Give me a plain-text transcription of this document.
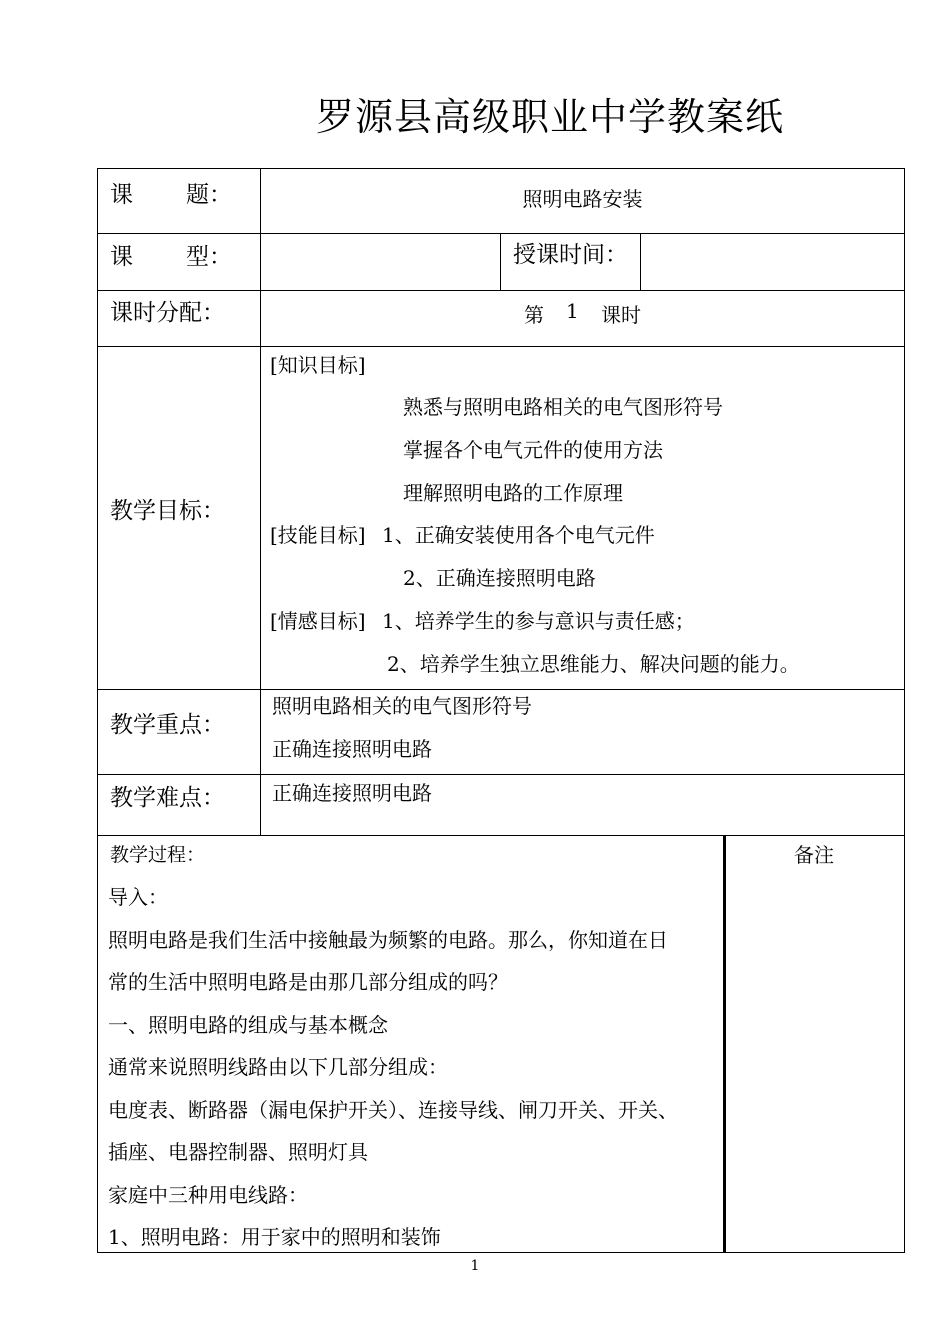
罗源县高级职业中学教案纸
课 题：	照明电路安装
课 型：	授课时间：
课时分配：	第 1 课时
教学目标：
[知识目标]
熟悉与照明电路相关的电气图形符号
掌握各个电气元件的使用方法
理解照明电路的工作原理
[技能目标] 1、正确安装使用各个电气元件
2、正确连接照明电路
[情感目标] 1、培养学生的参与意识与责任感；
2、培养学生独立思维能力、解决问题的能力。
教学重点：
照明电路相关的电气图形符号
正确连接照明电路
教学难点： 正确连接照明电路
教学过程：	备注
导入：
照明电路是我们生活中接触最为频繁的电路。那么，你知道在日
常的生活中照明电路是由那几部分组成的吗？
一、照明电路的组成与基本概念
通常来说照明线路由以下几部分组成：
电度表、断路器（漏电保护开关）、连接导线、闸刀开关、开关、
插座、电器控制器、照明灯具
家庭中三种用电线路：
1、照明电路：用于家中的照明和装饰
1
